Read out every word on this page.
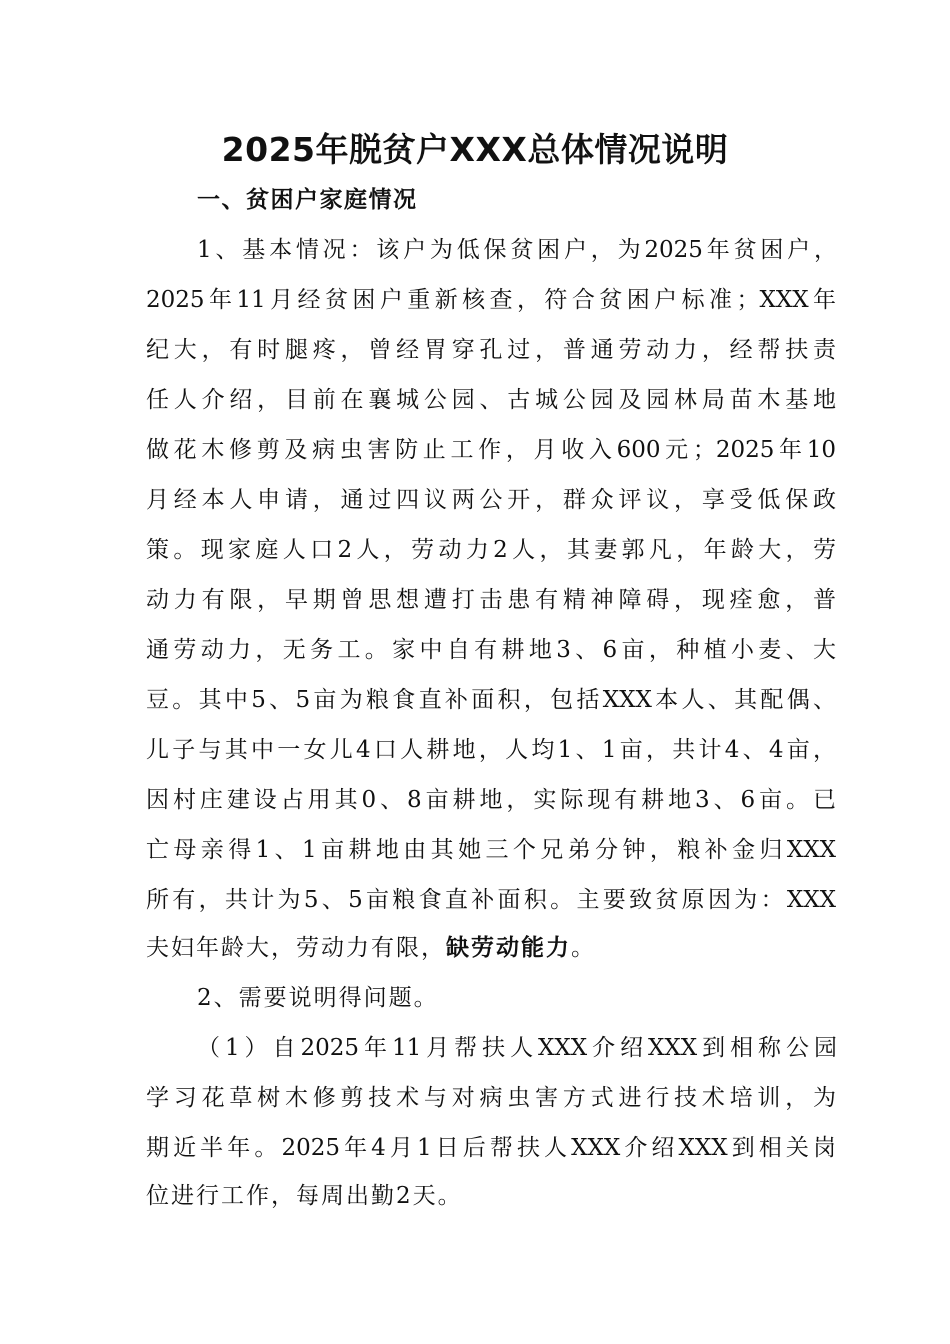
2025年脱贫户XXX总体情况说明
一、贫困户家庭情况
1、基本情况：该户为低保贫困户，为2025年贫困户，
2025年11月经贫困户重新核查，符合贫困户标准；XXX年
纪大，有时腿疼，曾经胃穿孔过，普通劳动力，经帮扶责
任人介绍，目前在襄城公园、古城公园及园林局苗木基地
做花木修剪及病虫害防止工作，月收入600元；2025年10
月经本人申请，通过四议两公开，群众评议，享受低保政
策。现家庭人口2人，劳动力2人，其妻郭凡，年龄大，劳
动力有限，早期曾思想遭打击患有精神障碍，现痊愈，普
通劳动力，无务工。家中自有耕地3、6亩，种植小麦、大
豆。其中5、5亩为粮食直补面积，包括XXX本人、其配偶、
儿子与其中一女儿4口人耕地，人均1、1亩，共计4、4亩，
因村庄建设占用其0、8亩耕地，实际现有耕地3、6亩。已
亡母亲得1、1亩耕地由其她三个兄弟分钟，粮补金归XXX
所有，共计为5、5亩粮食直补面积。主要致贫原因为：XXX
夫妇年龄大，劳动力有限，缺劳动能力。
2、需要说明得问题。
（1）自2025年11月帮扶人XXX介绍XXX到相称公园
学习花草树木修剪技术与对病虫害方式进行技术培训，为
期近半年。2025年4月1日后帮扶人XXX介绍XXX到相关岗
位进行工作，每周出勤2天。
